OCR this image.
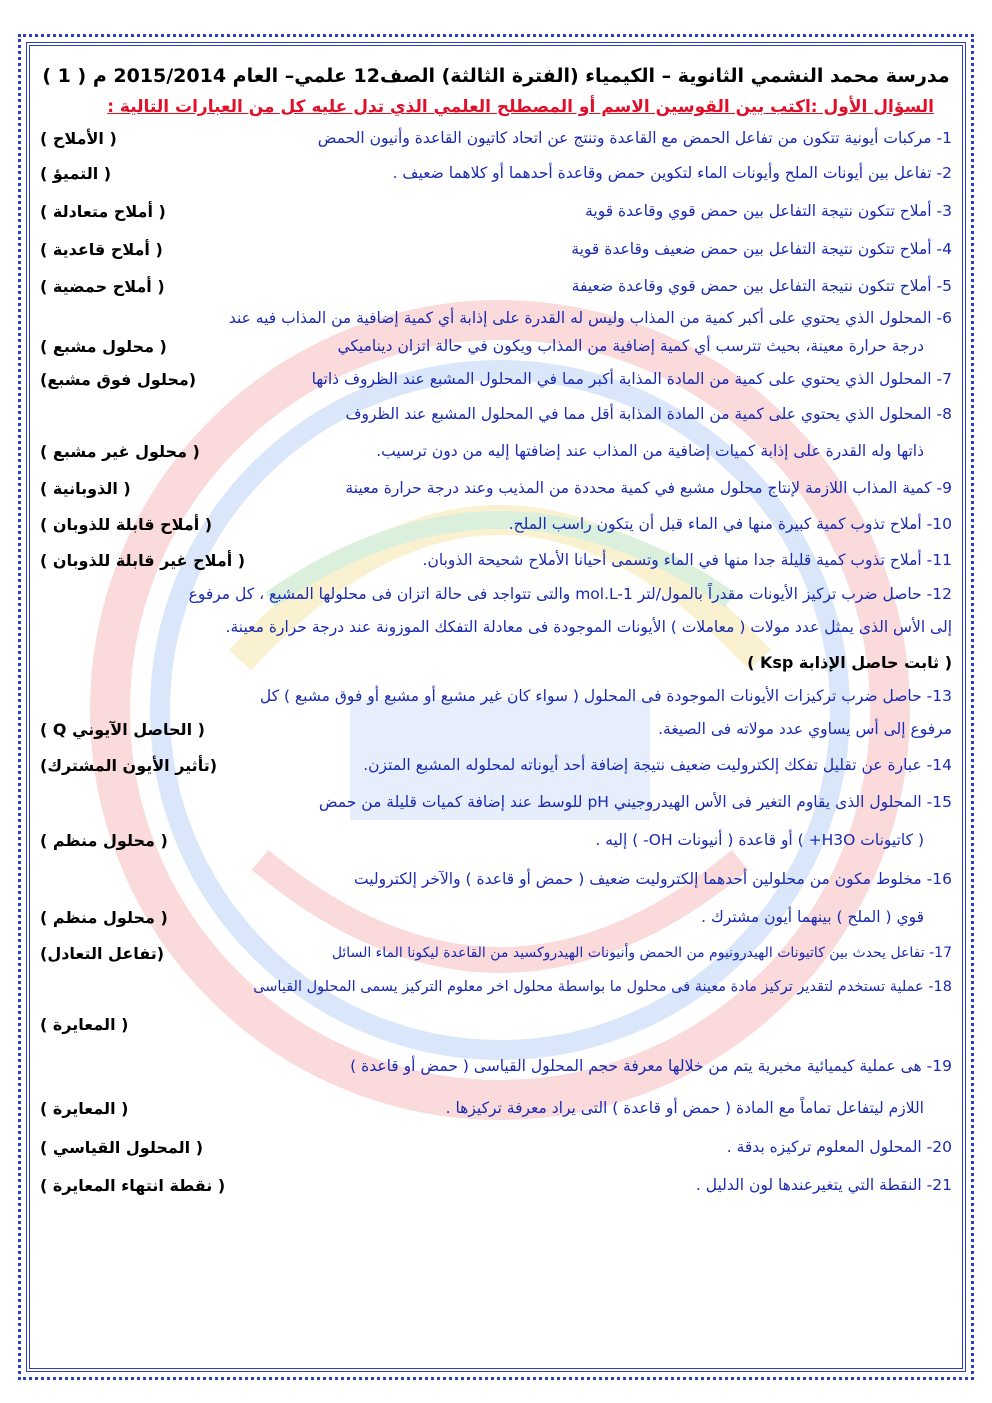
مدرسة محمد النشمي الثانوية – الكيمياء (الفترة الثالثة) الصف12 علمي– العام 2015/2014 م ( 1 )
السؤال الأول :اكتب بين القوسين الاسم أو المصطلح العلمي الذي تدل عليه كل من العبارات التالية :
1- مركبات أيونية تتكون من تفاعل الحمض مع القاعدة وتنتج عن اتحاد كاتيون القاعدة وأنيون الحمض
( الأملاح )
2- تفاعل بين أيونات الملح وأيونات الماء لتكوين حمض وقاعدة أحدهما أو كلاهما ضعيف .
( التميؤ )
3- أملاح تتكون نتيجة التفاعل بين حمض قوي وقاعدة قوية
( أملاح متعادلة )
4- أملاح تتكون نتيجة التفاعل بين حمض ضعيف وقاعدة قوية
( أملاح قاعدية )
5- أملاح تتكون نتيجة التفاعل بين حمض قوي وقاعدة ضعيفة
( أملاح حمضية )
6- المحلول الذي يحتوي على أكبر كمية من المذاب وليس له القدرة على إذابة أي كمية إضافية من المذاب فيه عند
درجة حرارة معينة، بحيث تترسب أي كمية إضافية من المذاب ويكون في حالة اتزان ديناميكي
( محلول مشبع )
7- المحلول الذي يحتوي على كمية من المادة المذابة أكبر مما في المحلول المشبع عند الظروف ذاتها
(محلول فوق مشبع)
8- المحلول الذي يحتوي على كمية من المادة المذابة أقل مما في المحلول المشبع عند الظروف
ذاتها وله القدرة على إذابة كميات إضافية من المذاب عند إضافتها إليه من دون ترسيب.
( محلول غير مشبع )
9- كمية المذاب اللازمة لإنتاج محلول مشبع في كمية محددة من المذيب وعند درجة حرارة معينة
( الذوبانية )
10- أملاح تذوب كمية كبيرة منها في الماء قبل أن يتكون راسب الملح.
( أملاح قابلة للذوبان )
11- أملاح تذوب كمية قليلة جدا منها في الماء وتسمى أحيانا الأملاح شحيحة الذوبان.
( أملاح غير قابلة للذوبان )
12- حاصل ضرب تركيز الأيونات مقدراً بالمول/لتر mol.L-1 والتى تتواجد فى حالة اتزان فى محلولها المشبع ، كل مرفوع
إلى الأس الذى يمثل عدد مولات ( معاملات ) الأيونات الموجودة فى معادلة التفكك الموزونة عند درجة حرارة معينة.
( ثابت حاصل الإذابة Ksp )
13- حاصل ضرب تركيزات الأيونات الموجودة فى المحلول ( سواء كان غير مشبع أو مشبع أو فوق مشبع ) كل
مرفوع إلى أس يساوي عدد مولاته فى الصيغة.
( الحاصل الآيوني Q )
14- عبارة عن تقليل تفكك إلكتروليت ضعيف نتيجة إضافة أحد أيوناته لمحلوله المشبع المتزن.
(تأثير الأيون المشترك)
15- المحلول الذى يقاوم التغير فى الأس الهيدروجيني pH للوسط عند إضافة كميات قليلة من حمض
( كاتيونات H3O+ ) أو قاعدة ( أنيونات OH- ) إليه .
( محلول منظم )
16- مخلوط مكون من محلولين أحدهما إلكتروليت ضعيف ( حمض أو قاعدة ) والآخر إلكتروليت
قوي ( الملح ) بينهما أيون مشترك .
( محلول منظم )
17- تفاعل يحدث بين كاتيونات الهيدرونيوم من الحمض وأنيونات الهيدروكسيد من القاعدة ليكونا الماء السائل
(تفاعل التعادل)
18- عملية تستخدم لتقدير تركيز مادة معينة فى محلول ما بواسطة محلول اخر معلوم التركيز يسمى المحلول القياسى
( المعايرة )
19- هى عملية كيميائية مخبرية يتم من خلالها معرفة حجم المحلول القياسى ( حمض أو قاعدة )
اللازم ليتفاعل تماماً مع المادة ( حمض أو قاعدة ) التى يراد معرفة تركيزها .
( المعايرة )
20- المحلول المعلوم تركيزه بدقة .
( المحلول القياسي )
21- النقطة التي يتغيرعندها لون الدليل .
( نقطة انتهاء المعايرة )
